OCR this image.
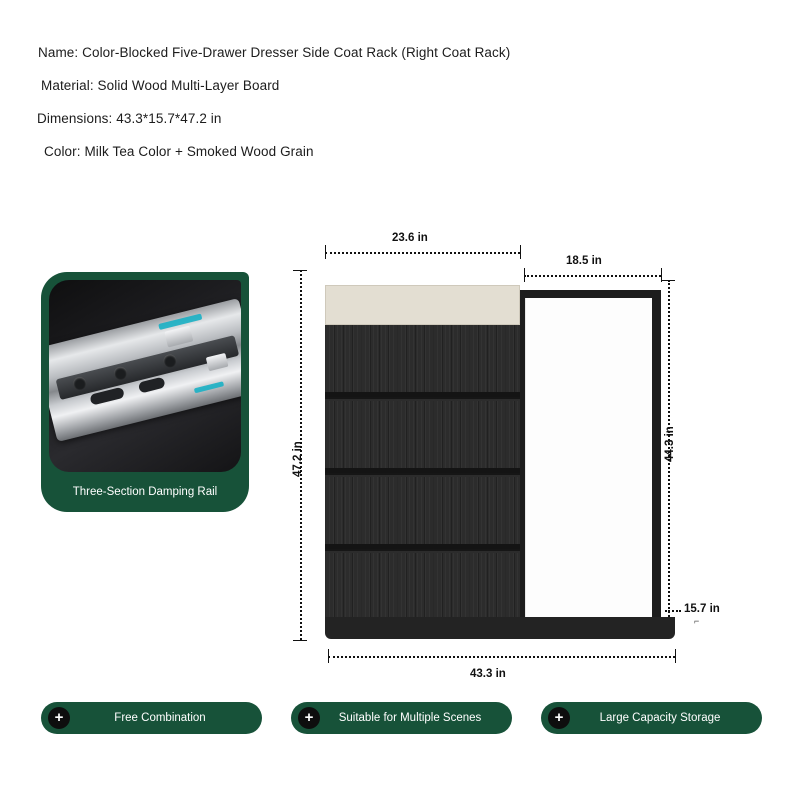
Name: Color-Blocked Five-Drawer Dresser Side Coat Rack (Right Coat Rack)
Material: Solid Wood Multi-Layer Board
Dimensions: 43.3*15.7*47.2 in
Color: Milk Tea Color + Smoked Wood Grain
Three-Section Damping Rail
23.6 in
18.5 in
47.2 in	44.3 in
15.7 in
⌐
43.3 in
+	Free Combination	+	Suitable for Multiple Scenes	+	Large Capacity Storage
